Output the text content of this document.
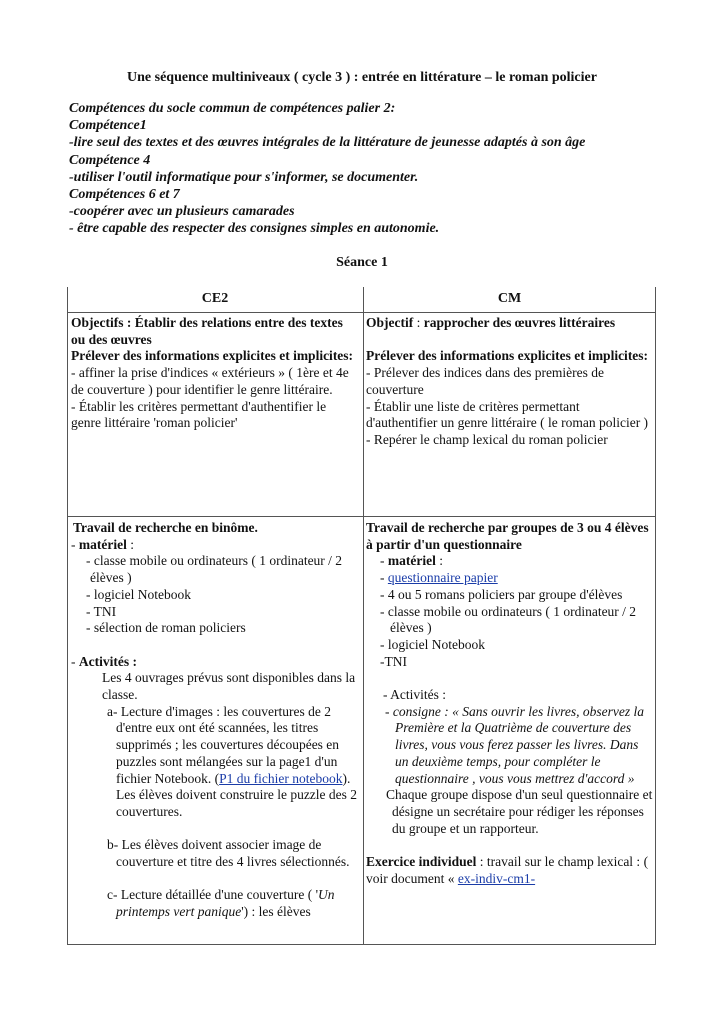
Une séquence multiniveaux ( cycle 3 ) : entrée en littérature – le roman policier
Compétences du socle commun de compétences palier 2:
Compétence1
-lire seul des textes et des œuvres intégrales de la littérature de jeunesse adaptés à son âge
Compétence 4
-utiliser l'outil informatique pour s'informer, se documenter.
Compétences 6 et 7
-coopérer avec un plusieurs camarades
- être capable des respecter des consignes simples en autonomie.
Séance 1
CE2	CM

Objectifs : Établir des relations entre des textes ou des œuvres

Prélever des informations explicites et implicites:

- affiner la prise d'indices « extérieurs » ( 1ère et 4e de couverture ) pour identifier le genre littéraire.

- Établir les critères permettant d'authentifier le genre littéraire 'roman policier'

Objectif : rapprocher des œuvres littéraires

Prélever des informations explicites et implicites:

- Prélever des indices dans des premières de couverture

- Établir une liste de critères permettant d'authentifier un genre littéraire ( le roman policier )

- Repérer le champ lexical du roman policier

Travail de recherche en binôme.

- matériel :

- classe mobile ou ordinateurs ( 1 ordinateur / 2 élèves )

- logiciel Notebook

- TNI

- sélection de roman policiers

- Activités :

Les 4 ouvrages prévus sont disponibles dans la classe.

a- Lecture d'images : les couvertures de 2 d'entre eux ont été scannées, les titres supprimés ; les couvertures découpées en puzzles sont mélangées sur la page1 d'un fichier Notebook. (P1 du fichier notebook). Les élèves doivent construire le puzzle des 2 couvertures.

b- Les élèves doivent associer image de couverture et titre des 4 livres sélectionnés.

c- Lecture détaillée d'une couverture ( 'Un printemps vert panique') : les élèves

Travail de recherche par groupes de 3 ou 4 élèves à partir d'un questionnaire

- matériel :

- questionnaire papier

- 4 ou 5 romans policiers par groupe d'élèves

- classe mobile ou ordinateurs ( 1 ordinateur / 2 élèves )

- logiciel Notebook

-TNI

- Activités :

- consigne : « Sans ouvrir les livres, observez la Première et la Quatrième de couverture des livres, vous vous ferez passer les livres. Dans un deuxième temps, pour compléter le questionnaire , vous vous mettrez d'accord »

Chaque groupe dispose d'un seul questionnaire et désigne un secrétaire pour rédiger les réponses du groupe et un rapporteur.

Exercice individuel : travail sur le champ lexical : ( voir document « ex-indiv-cm1-
